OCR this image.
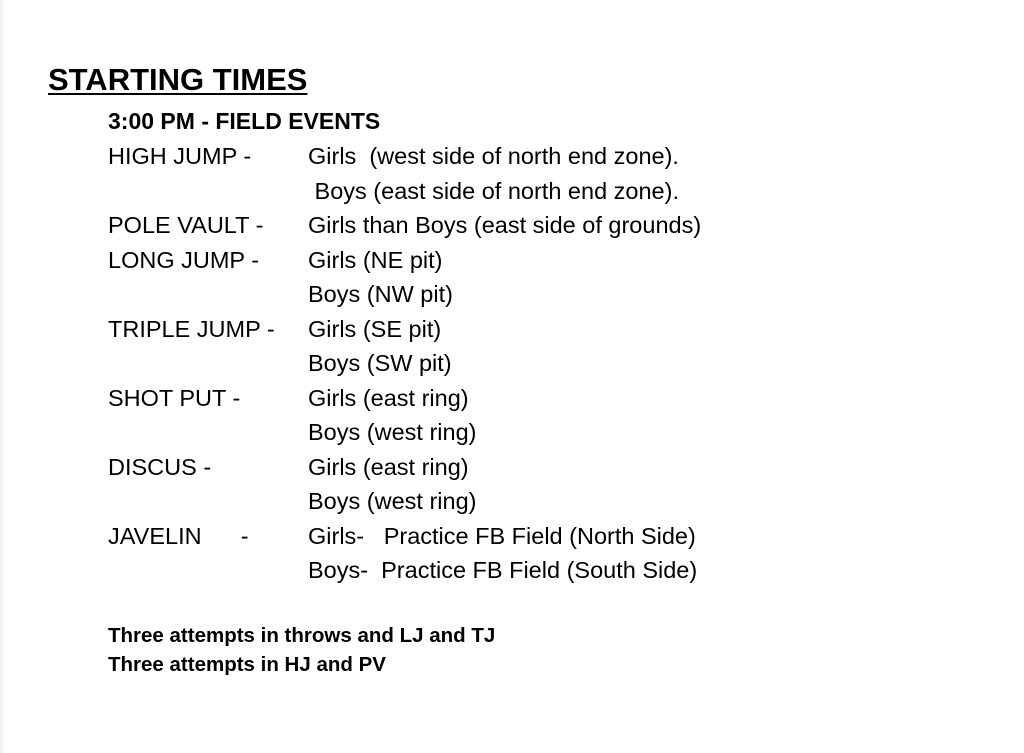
STARTING TIMES
3:00 PM - FIELD EVENTS
HIGH JUMP - Girls  (west side of north end zone).
Boys (east side of north end zone).
POLE VAULT - Girls than Boys (east side of grounds)
LONG JUMP - Girls (NE pit)
Boys (NW pit)
TRIPLE JUMP - Girls (SE pit)
Boys (SW pit)
SHOT PUT -	Girls (east ring)
Boys (west ring)
DISCUS -	Girls (east ring)
Boys (west ring)
JAVELIN      -	Girls-   Practice FB Field (North Side)
Boys-  Practice FB Field (South Side)
Three attempts in throws and LJ and TJ
Three attempts in HJ and PV
